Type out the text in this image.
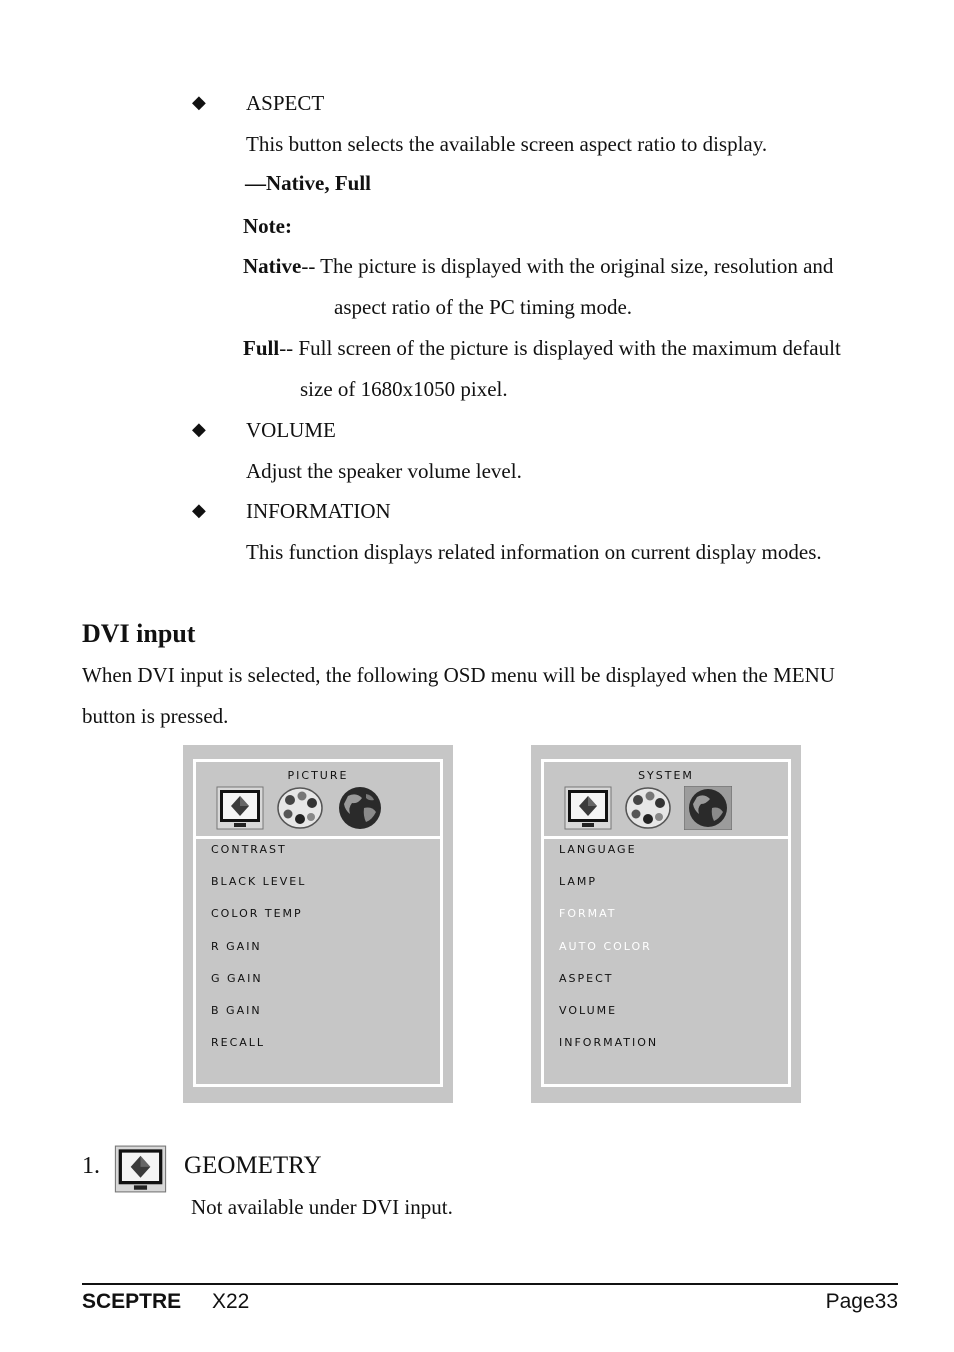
◆ ASPECT
This button selects the available screen aspect ratio to display.
—Native, Full
Note:
Native-- The picture is displayed with the original size, resolution and
aspect ratio of the PC timing mode.
Full-- Full screen of the picture is displayed with the maximum default
size of 1680x1050 pixel.
◆ VOLUME
Adjust the speaker volume level.
◆ INFORMATION
This function displays related information on current display modes.
DVI input
When DVI input is selected, the following OSD menu will be displayed when the MENU
button is pressed.
PICTURE
CONTRAST
BLACK LEVEL
COLOR TEMP
R GAIN
G GAIN
B GAIN
RECALL
SYSTEM
LANGUAGE
LAMP
FORMAT
AUTO COLOR
ASPECT
VOLUME
INFORMATION
1.	GEOMETRY
Not available under DVI input.
SCEPTRE X22	Page33
